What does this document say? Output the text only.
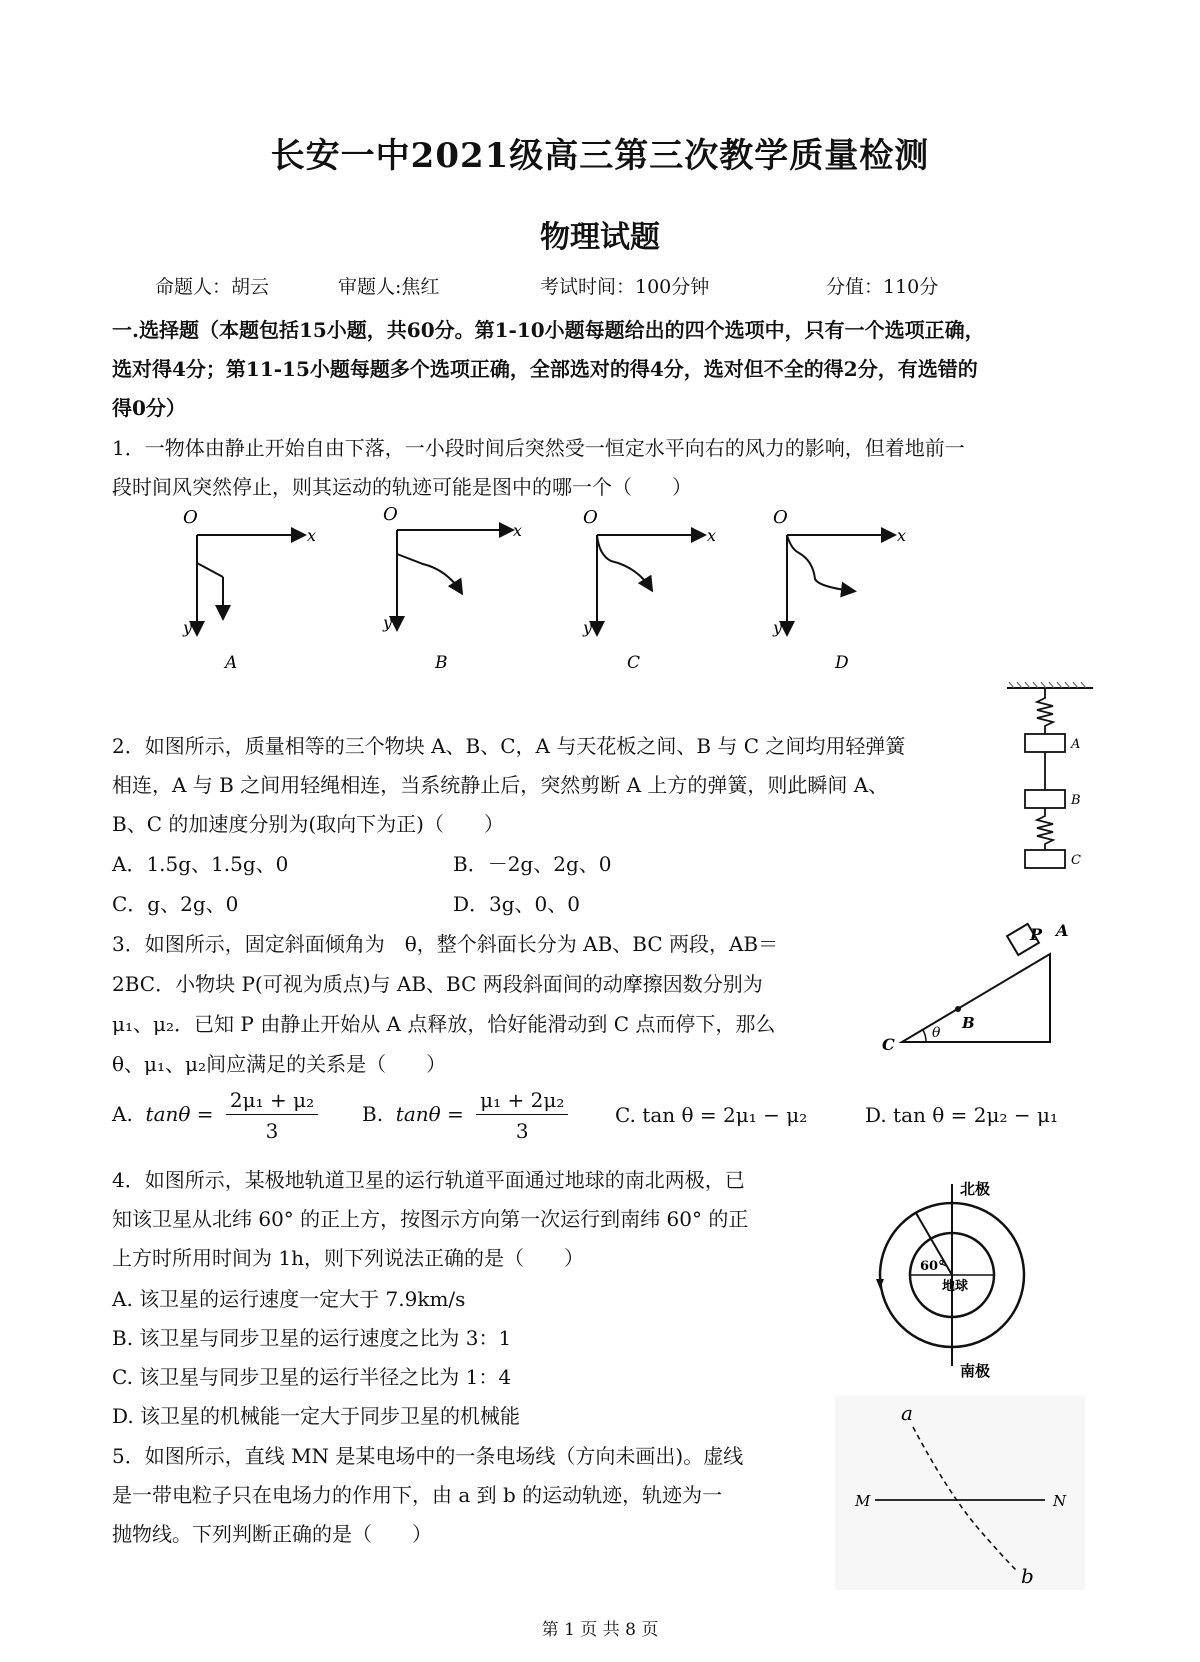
长安一中2021级高三第三次教学质量检测
物理试题
命题人：胡云	审题人:焦红	考试时间：100分钟	分值：110分
一.选择题（本题包括15小题，共60分。第1-10小题每题给出的四个选项中，只有一个选项正确，
选对得4分；第11-15小题每题多个选项正确，全部选对的得4分，选对但不全的得2分，有选错的
得0分）
1．一物体由静止开始自由下落，一小段时间后突然受一恒定水平向右的风力的影响，但着地前一
段时间风突然停止，则其运动的轨迹可能是图中的哪一个（　　）
O
x
y
A
O
x
y
B
O
x
y
C
O
x
y
D
2．如图所示，质量相等的三个物块 A、B、C，A 与天花板之间、B 与 C 之间均用轻弹簧
相连，A 与 B 之间用轻绳相连，当系统静止后，突然剪断 A 上方的弹簧，则此瞬间 A、
B、C 的加速度分别为(取向下为正)（　　）
A．1.5g、1.5g、0	B．－2g、2g、0
C．g、2g、0	D．3g、0、0
A
B
C
3．如图所示，固定斜面倾角为　θ，整个斜面长分为 AB、BC 两段，AB＝
2BC．小物块 P(可视为质点)与 AB、BC 两段斜面间的动摩擦因数分别为
μ₁、μ₂．已知 P 由静止开始从 A 点释放，恰好能滑动到 C 点而停下，那么
θ、μ₁、μ₂间应满足的关系是（　　）
A. $\tan\theta = \frac{\text{2μ₁ + μ₂}}{3} B$. $\tan\theta = \frac{\text{μ₁ + 2μ₂}}{3} C$. tan θ = 2μ₁ − μ₂	D. tan θ = 2μ₂ − μ₁
P A
B
C
θ
4．如图所示，某极地轨道卫星的运行轨道平面通过地球的南北两极，已
知该卫星从北纬 60° 的正上方，按图示方向第一次运行到南纬 60° 的正
上方时所用时间为 1h，则下列说法正确的是（　　）
A. 该卫星的运行速度一定大于 7.9km/s
B. 该卫星与同步卫星的运行速度之比为 3：1
C. 该卫星与同步卫星的运行半径之比为 1：4
D. 该卫星的机械能一定大于同步卫星的机械能
60°
地球
北极
南极
5．如图所示，直线 MN 是某电场中的一条电场线（方向未画出)。虚线
是一带电粒子只在电场力的作用下，由 a 到 b 的运动轨迹，轨迹为一
抛物线。下列判断正确的是（　　）
a
M	N
b
第 1 页 共 8 页
